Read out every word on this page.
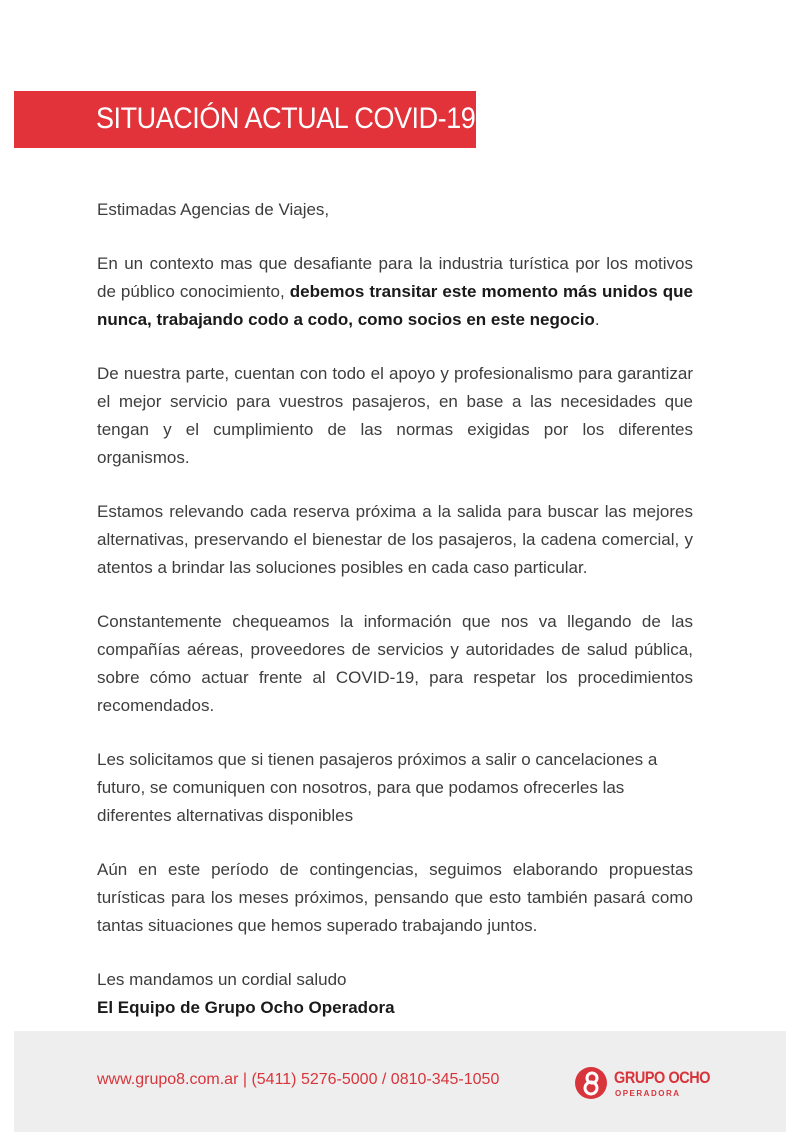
SITUACIÓN ACTUAL COVID-19

Estimadas Agencias de Viajes,

En un contexto mas que desafiante para la industria turística por los motivos de público conocimiento, debemos transitar este momento más unidos que nunca, trabajando codo a codo, como socios en este negocio.

De nuestra parte, cuentan con todo el apoyo y profesionalismo para garantizar el mejor servicio para vuestros pasajeros, en base a las necesidades que tengan y el cumplimiento de las normas exigidas por los diferentes organismos.

Estamos relevando cada reserva próxima a la salida para buscar las mejores alternativas, preservando el bienestar de los pasajeros, la cadena comercial, y atentos a brindar las soluciones posibles en cada caso particular.

Constantemente chequeamos la información que nos va llegando de las compañías aéreas, proveedores de servicios y autoridades de salud pública, sobre cómo actuar frente al COVID-19, para respetar los procedimientos recomendados.

Les solicitamos que si tienen pasajeros próximos a salir o cancelaciones a futuro, se comuniquen con nosotros, para que podamos ofrecerles las diferentes alternativas disponibles

Aún en este período de contingencias, seguimos elaborando propuestas turísticas para los meses próximos, pensando que esto también pasará como tantas situaciones que hemos superado trabajando juntos.

Les mandamos un cordial saludo
El Equipo de Grupo Ocho Operadora

www.grupo8.com.ar | (5411) 5276-5000 / 0810-345-1050	GRUPO OCHO
OPERADORA
